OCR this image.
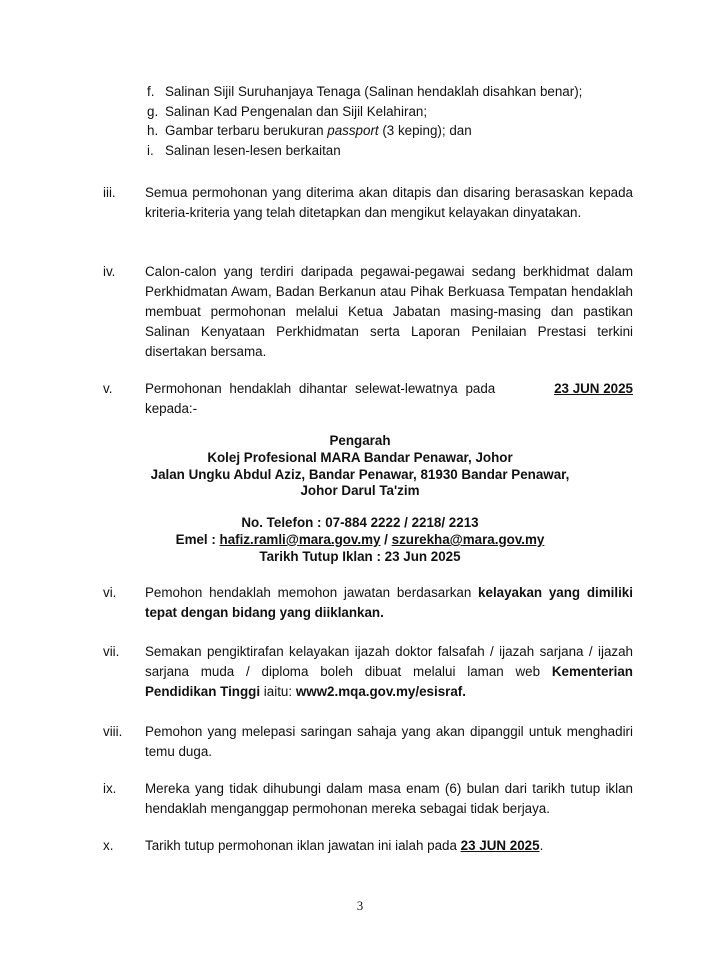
f. Salinan Sijil Suruhanjaya Tenaga (Salinan hendaklah disahkan benar);
g. Salinan Kad Pengenalan dan Sijil Kelahiran;
h. Gambar terbaru berukuran passport (3 keping); dan
i. Salinan lesen-lesen berkaitan
iii.	Semua permohonan yang diterima akan ditapis dan disaring berasaskan kepada kriteria-kriteria yang telah ditetapkan dan mengikut kelayakan dinyatakan.
iv.	Calon-calon yang terdiri daripada pegawai-pegawai sedang berkhidmat dalam Perkhidmatan Awam, Badan Berkanun atau Pihak Berkuasa Tempatan hendaklah membuat permohonan melalui Ketua Jabatan masing-masing dan pastikan Salinan Kenyataan Perkhidmatan serta Laporan Penilaian Prestasi terkini disertakan bersama.
v.	Permohonan hendaklah dihantar selewat-lewatnya pada	23 JUN 2025
kepada:-
Pengarah
Kolej Profesional MARA Bandar Penawar, Johor
Jalan Ungku Abdul Aziz, Bandar Penawar, 81930 Bandar Penawar,
Johor Darul Ta'zim
No. Telefon : 07-884 2222 / 2218/ 2213
Emel : hafiz.ramli@mara.gov.my / szurekha@mara.gov.my
Tarikh Tutup Iklan : 23 Jun 2025
vi.	Pemohon hendaklah memohon jawatan berdasarkan kelayakan yang dimiliki tepat dengan bidang yang diiklankan.
vii.	Semakan pengiktirafan kelayakan ijazah doktor falsafah / ijazah sarjana / ijazah sarjana muda / diploma boleh dibuat melalui laman web Kementerian Pendidikan Tinggi iaitu: www2.mqa.gov.my/esisraf.
viii.	Pemohon yang melepasi saringan sahaja yang akan dipanggil untuk menghadiri temu duga.
ix.	Mereka yang tidak dihubungi dalam masa enam (6) bulan dari tarikh tutup iklan hendaklah menganggap permohonan mereka sebagai tidak berjaya.
x.	Tarikh tutup permohonan iklan jawatan ini ialah pada 23 JUN 2025.
3
